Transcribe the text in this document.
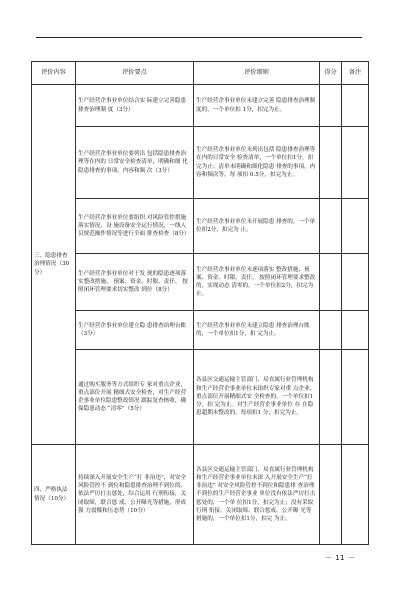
评价内容	评价要点	评价细则	得分	备注
三、隐患排查治理情况（30分）	生产经营企事业单位结合实 际建立完善隐患排查治理制 度（3分）	生产经营企事业单位未建立完善 隐患排查治理制度的，一个单位扣 1分，扣完为止。		
	生产经营企事业单位要列出 包括隐患排查治理等在内的 日常安全检查清单，明确和细 化隐患排查的事项，内容和频 次（3分）	生产经营企事业单位未列出包括 隐患排查治理等在内的日常安全 检查清单，一个单位扣1分，扣 完为止；清单未明确和细化隐患 排查的事项，内容和频次等，每 项扣 0.5分，扣完为止。		
	生产经营企事业单位要组织 对风险管控措施落实情况、设 施设备安全运行情况、一线人 员规范操作情况等进行全面 排查检查（8分）	生产经营企事业单位未开展隐患 排查的，一个单位扣2分，扣完为 止。		
	生产经营企事业单位对于发 现的隐患逐项落实整改措施、 预案、资金、时限、责任、 按照闭环管理要求切实整改 到位（8分）	生产经营企事业单位未逐项落实 整改措施、预案、资金、时限、责任、 按照闭环管理要求整改的，实现动态 清零的，一个单位扣2分，扣完为止。		
	生产经营企事业单位建立隐 患排查治理台账（3分）	生产经营企事业单位未建立隐患 排查治理台账的，一个单位扣1分，扣 完为止。		
	通过购买服务等方式组织专 家对重点企业，重点部位开展 精细式安全检查，对生产经营 企事业单位隐患整改情况 跟踪复查核收，确保隐患动态 “清零”（5分）	各县区交通运输主管部门、局直属行业管理机构和生产经营企事业单位未组织专家对重 点企业、重点部位开展精细式安 全检查的，一个单位扣1分，扣 完为止。对生产经营企事业单位 存 在隐患超期未整改的，每项扣1 分，扣完为止。		
四、严格执法情况（10分）	持续深入开展安全生产“打 非治违”，对安全风险管控不 到位和隐患排查治理不到位的、 依法严厉打击惩处，综合运用 行刑衔接，关闭取缔，联合惩 戒、公开曝光等措施，形成强 力震慑和压态势（10分）	各县区交通运输主管部门、局直属行业管理机构和生产经营企事业单位未深 入开展安全生产“打非治违” 对安全风险管控不到位和隐患排 查治理不到位的生产经营企事业 单位没有依法严厉打击惩处的，一个单 位扣1分，扣完为止；没有采取行刑 衔接、关闭取缔、联合惩戒、公开曝 光等措施的，一个单位扣1分，扣完 为止。		
－ 11 －
